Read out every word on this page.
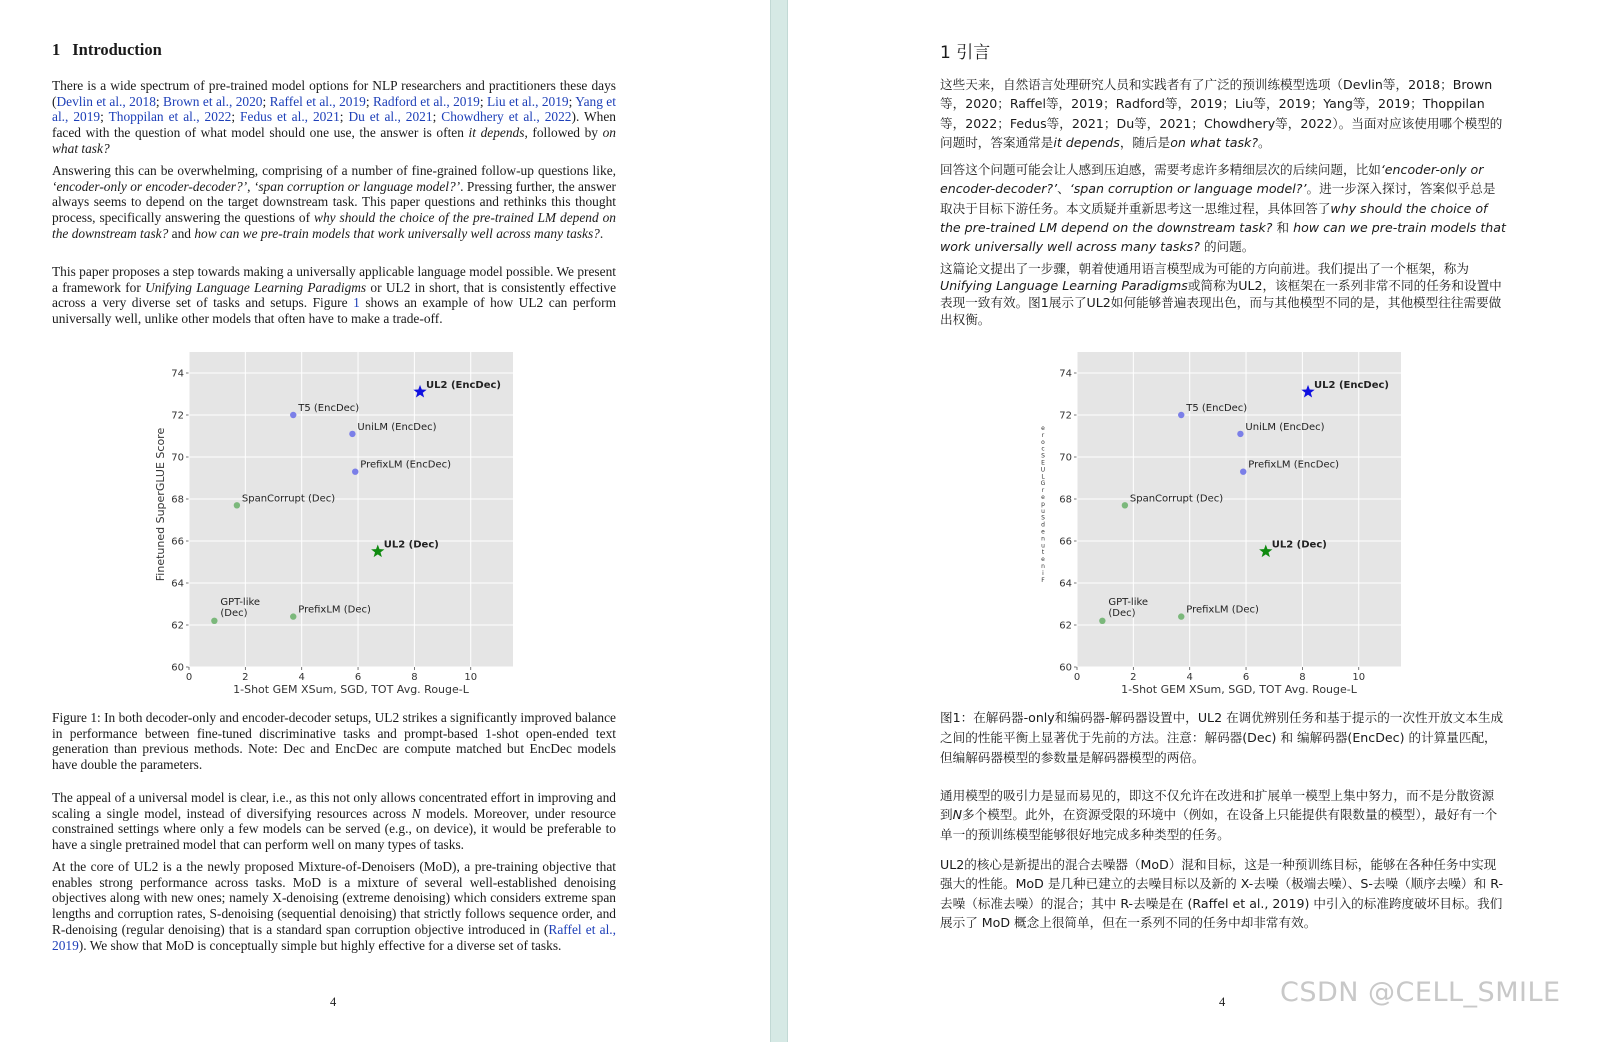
1 Introduction

There is a wide spectrum of pre-trained model options for NLP researchers and practitioners these days (Devlin et al., 2018; Brown et al., 2020; Raffel et al., 2019; Radford et al., 2019; Liu et al., 2019; Yang et al., 2019; Thoppilan et al., 2022; Fedus et al., 2021; Du et al., 2021; Chowdhery et al., 2022). When faced with the question of what model should one use, the answer is often it depends, followed by on what task?

Answering this can be overwhelming, comprising of a number of fine-grained follow-up questions like, ‘encoder-only or encoder-decoder?’, ‘span corruption or language model?’. Pressing further, the answer always seems to depend on the target downstream task. This paper questions and rethinks this thought process, specifically answering the questions of why should the choice of the pre-trained LM depend on the downstream task? and how can we pre-train models that work universally well across many tasks?.

This paper proposes a step towards making a universally applicable language model possible. We present a framework for Unifying Language Learning Paradigms or UL2 in short, that is consistently effective across a very diverse set of tasks and setups. Figure 1 shows an example of how UL2 can perform universally well, unlike other models that often have to make a trade-off.

60
62
64
66
68
70
72
74
0	2	4	6	8	10
1-Shot GEM XSum, SGD, TOT Avg. Rouge-L
Finetuned SuperGLUE Score
UL2 (EncDec)
T5 (EncDec)
UniLM (EncDec)
PrefixLM (EncDec)
SpanCorrupt (Dec)
UL2 (Dec)
GPT-like (Dec)	PrefixLM (Dec)

Figure 1: In both decoder-only and encoder-decoder setups, UL2 strikes a significantly improved balance in performance between fine-tuned discriminative tasks and prompt-based 1-shot open-ended text generation than previous methods. Note: Dec and EncDec are compute matched but EncDec models have double the parameters.

The appeal of a universal model is clear, i.e., as this not only allows concentrated effort in improving and scaling a single model, instead of diversifying resources across N models. Moreover, under resource constrained settings where only a few models can be served (e.g., on device), it would be preferable to have a single pretrained model that can perform well on many types of tasks.

At the core of UL2 is a the newly proposed Mixture-of-Denoisers (MoD), a pre-training objective that enables strong performance across tasks. MoD is a mixture of several well-established denoising objectives along with new ones; namely X-denoising (extreme denoising) which considers extreme span lengths and corruption rates, S-denoising (sequential denoising) that strictly follows sequence order, and R-denoising (regular denoising) that is a standard span corruption objective introduced in (Raffel et al., 2019). We show that MoD is conceptually simple but highly effective for a diverse set of tasks.

4
1 引言

这些天来，自然语言处理研究人员和实践者有了广泛的预训练模型选项（Devlin等，2018；Brown等，2020；Raffel等，2019；Radford等，2019；Liu等，2019；Yang等，2019；Thoppilan等，2022；Fedus等，2021；Du等，2021；Chowdhery等，2022）。当面对应该使用哪个模型的问题时，答案通常是it depends，随后是on what task?。

回答这个问题可能会让人感到压迫感，需要考虑许多精细层次的后续问题，比如‘encoder-only or encoder-decoder?’、‘span corruption or language model?’。进一步深入探讨，答案似乎总是取决于目标下游任务。本文质疑并重新思考这一思维过程，具体回答了why should the choice of the pre-trained LM depend on the downstream task? 和 how can we pre-train models that work universally well across many tasks? 的问题。

这篇论文提出了一步骤，朝着使通用语言模型成为可能的方向前进。我们提出了一个框架，称为Unifying Language Learning Paradigms或简称为UL2，该框架在一系列非常不同的任务和设置中表现一致有效。图1展示了UL2如何能够普遍表现出色，而与其他模型不同的是，其他模型往往需要做出权衡。

60
62
64
66
68
70
72
74
0	2	4	6	8	10
1-Shot GEM XSum, SGD, TOT Avg. Rouge-L
e r o c S E U L G r e p u S d e n u t e n i F
UL2 (EncDec)
T5 (EncDec)
UniLM (EncDec)
PrefixLM (EncDec)
SpanCorrupt (Dec)
UL2 (Dec)
GPT-like (Dec)	PrefixLM (Dec)

图1：在解码器-only和编码器-解码器设置中，UL2 在调优辨别任务和基于提示的一次性开放文本生成之间的性能平衡上显著优于先前的方法。注意：解码器(Dec) 和 编解码器(EncDec) 的计算量匹配，但编解码器模型的参数量是解码器模型的两倍。

通用模型的吸引力是显而易见的，即这不仅允许在改进和扩展单一模型上集中努力，而不是分散资源到N多个模型。此外，在资源受限的环境中（例如，在设备上只能提供有限数量的模型），最好有一个单一的预训练模型能够很好地完成多种类型的任务。

UL2的核心是新提出的混合去噪器（MoD）混和目标，这是一种预训练目标，能够在各种任务中实现强大的性能。MoD 是几种已建立的去噪目标以及新的 X-去噪（极端去噪）、S-去噪（顺序去噪）和 R-去噪（标准去噪）的混合；其中 R-去噪是在 (Raffel et al., 2019) 中引入的标准跨度破坏目标。我们展示了 MoD 概念上很简单，但在一系列不同的任务中却非常有效。

4 CSDN @CELL_SMILE
